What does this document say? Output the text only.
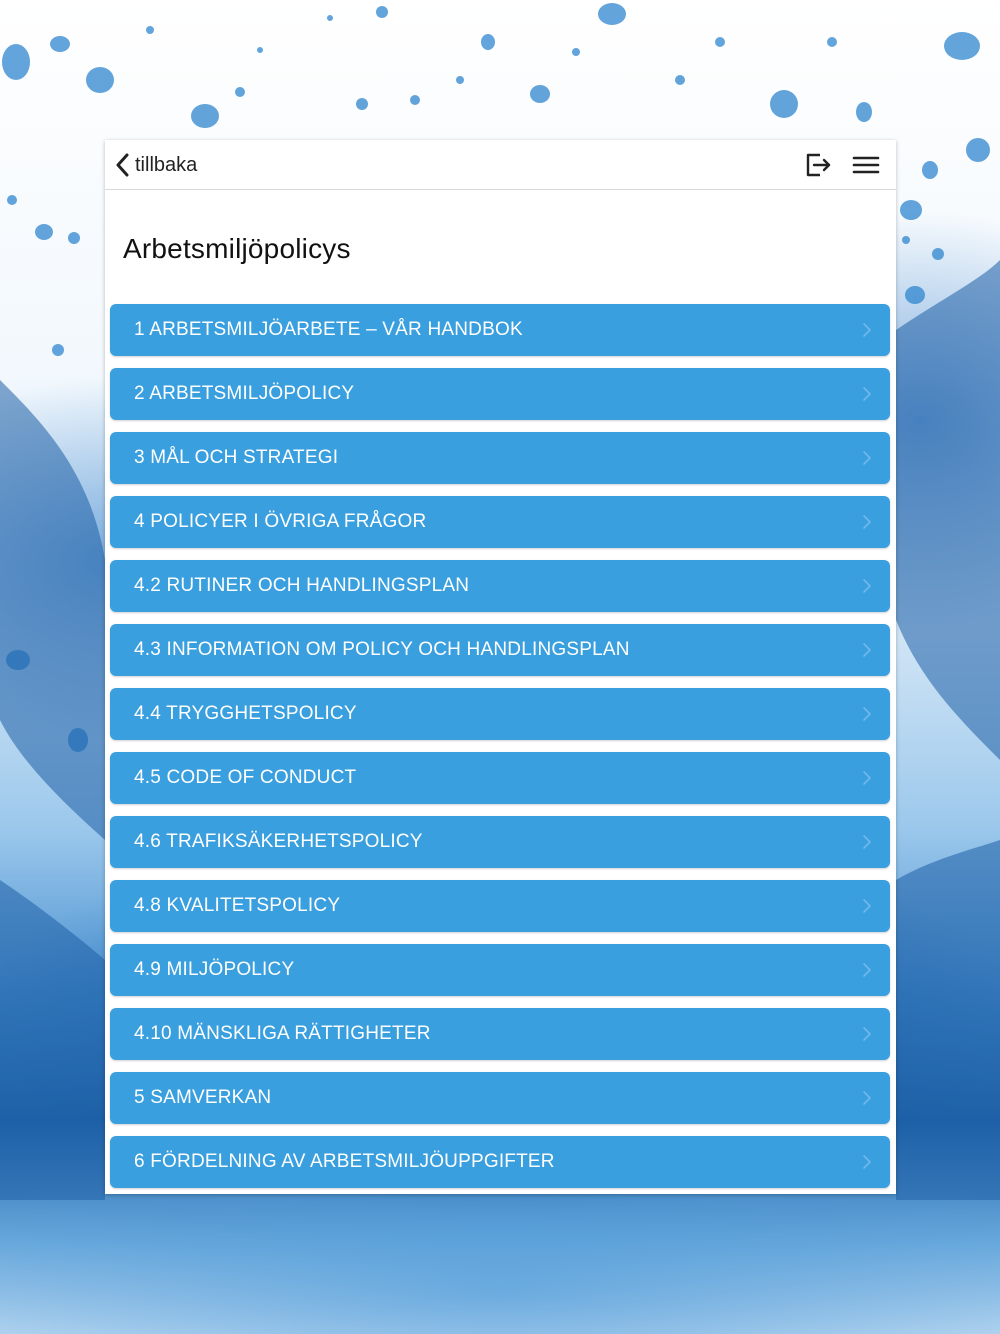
tillbaka
Arbetsmiljöpolicys
1 ARBETSMILJÖARBETE – VÅR HANDBOK
2 ARBETSMILJÖPOLICY
3 MÅL OCH STRATEGI
4 POLICYER I ÖVRIGA FRÅGOR
4.2 RUTINER OCH HANDLINGSPLAN
4.3 INFORMATION OM POLICY OCH HANDLINGSPLAN
4.4 TRYGGHETSPOLICY
4.5 CODE OF CONDUCT
4.6 TRAFIKSÄKERHETSPOLICY
4.8 KVALITETSPOLICY
4.9 MILJÖPOLICY
4.10 MÄNSKLIGA RÄTTIGHETER
5 SAMVERKAN
6 FÖRDELNING AV ARBETSMILJÖUPPGIFTER
